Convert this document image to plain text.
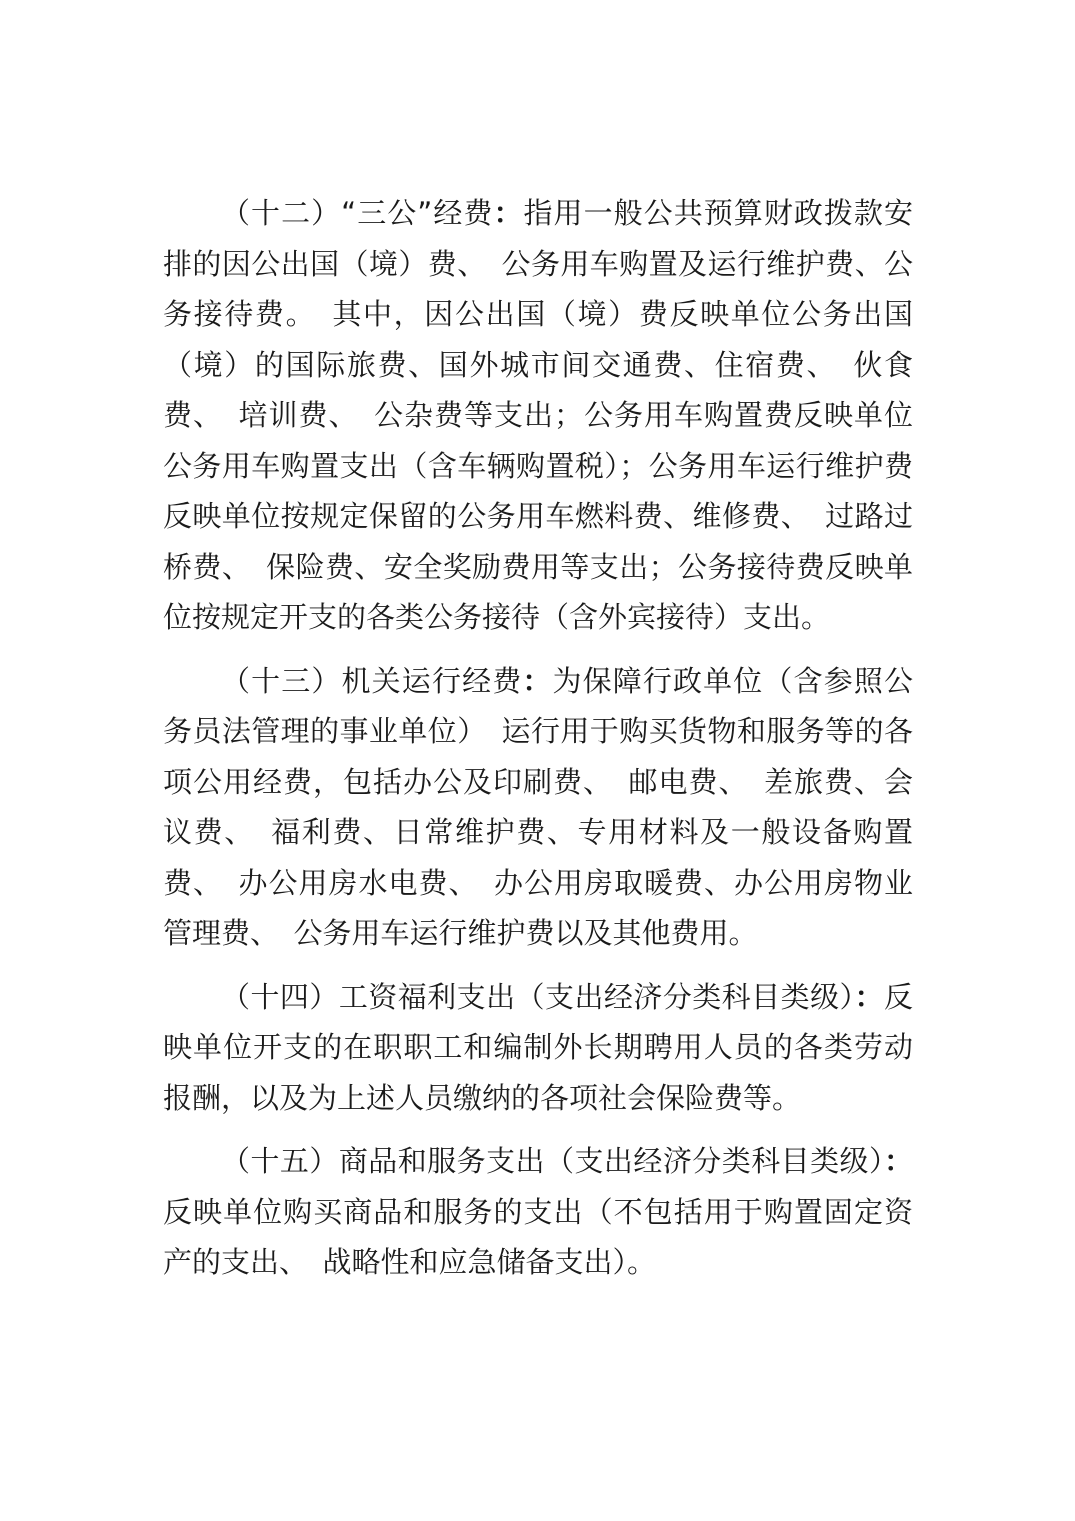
（十二）“三公”经费：指用一般公共预算财政拨款安排的因公出国（境）费、　公务用车购置及运行维护费、公务接待费。　其中，因公出国（境）费反映单位公务出国（境）的国际旅费、国外城市间交通费、住宿费、　伙食费、　培训费、　公杂费等支出；公务用车购置费反映单位公务用车购置支出（含车辆购置税）；公务用车运行维护费反映单位按规定保留的公务用车燃料费、维修费、　过路过桥费、　保险费、安全奖励费用等支出；公务接待费反映单位按规定开支的各类公务接待（含外宾接待）支出。

（十三）机关运行经费：为保障行政单位（含参照公务员法管理的事业单位）　运行用于购买货物和服务等的各项公用经费，包括办公及印刷费、　邮电费、　差旅费、会议费、　福利费、日常维护费、专用材料及一般设备购置费、　办公用房水电费、　办公用房取暖费、办公用房物业管理费、　公务用车运行维护费以及其他费用。

（十四）工资福利支出（支出经济分类科目类级）：反映单位开支的在职职工和编制外长期聘用人员的各类劳动报酬，以及为上述人员缴纳的各项社会保险费等。

（十五）商品和服务支出（支出经济分类科目类级）：反映单位购买商品和服务的支出（不包括用于购置固定资产的支出、　战略性和应急储备支出）。
